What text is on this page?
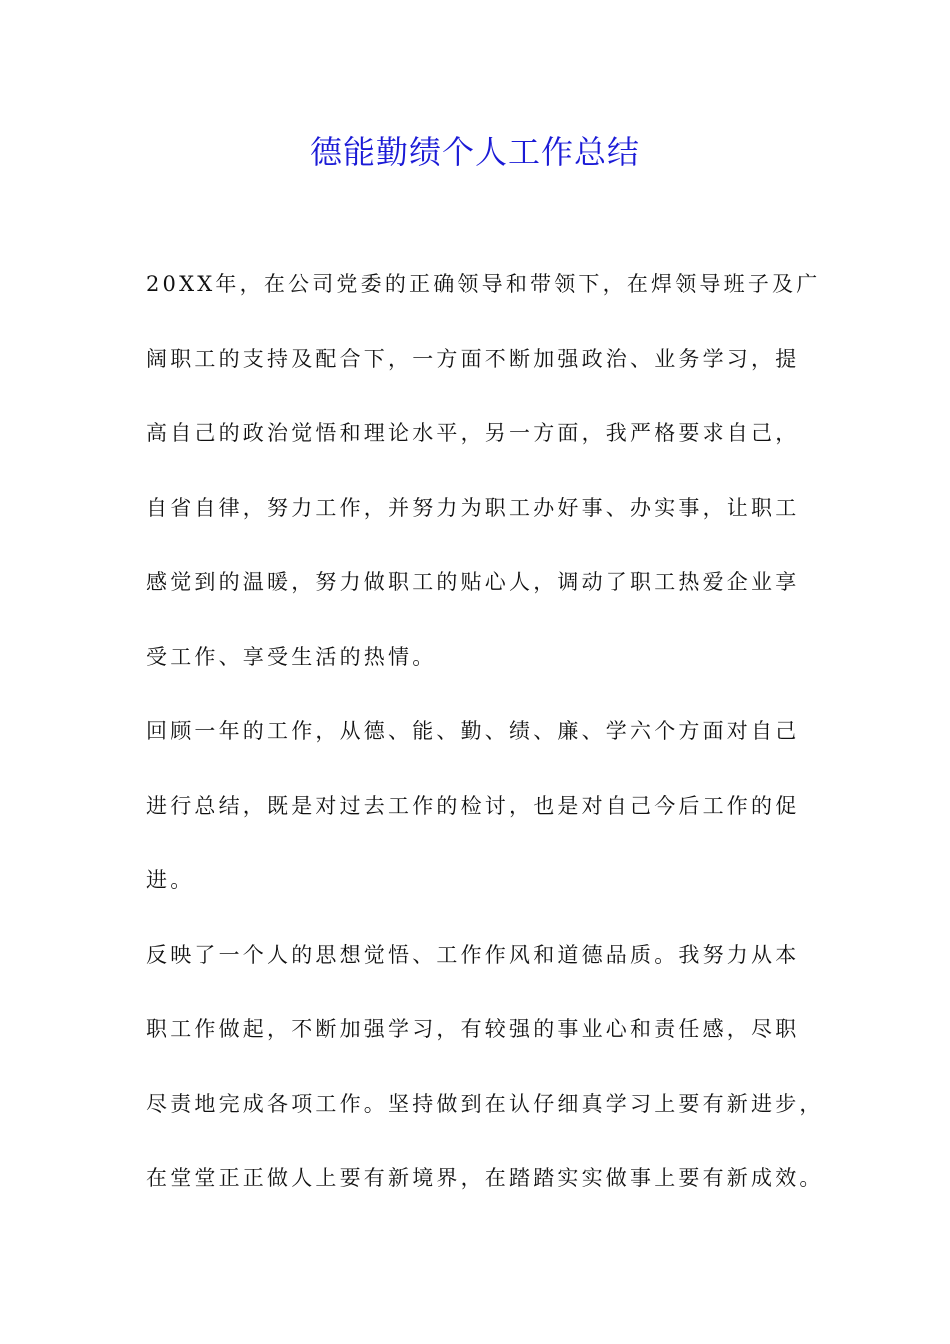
德能勤绩个人工作总结
20XX年，在公司党委的正确领导和带领下，在焊领导班子及广
阔职工的支持及配合下，一方面不断加强政治、业务学习，提
高自己的政治觉悟和理论水平，另一方面，我严格要求自己，
自省自律，努力工作，并努力为职工办好事、办实事，让职工
感觉到的温暖，努力做职工的贴心人，调动了职工热爱企业享
受工作、享受生活的热情。
回顾一年的工作，从德、能、勤、绩、廉、学六个方面对自己
进行总结，既是对过去工作的检讨，也是对自己今后工作的促
进。
反映了一个人的思想觉悟、工作作风和道德品质。我努力从本
职工作做起，不断加强学习，有较强的事业心和责任感，尽职
尽责地完成各项工作。坚持做到在认仔细真学习上要有新进步，
在堂堂正正做人上要有新境界，在踏踏实实做事上要有新成效。
